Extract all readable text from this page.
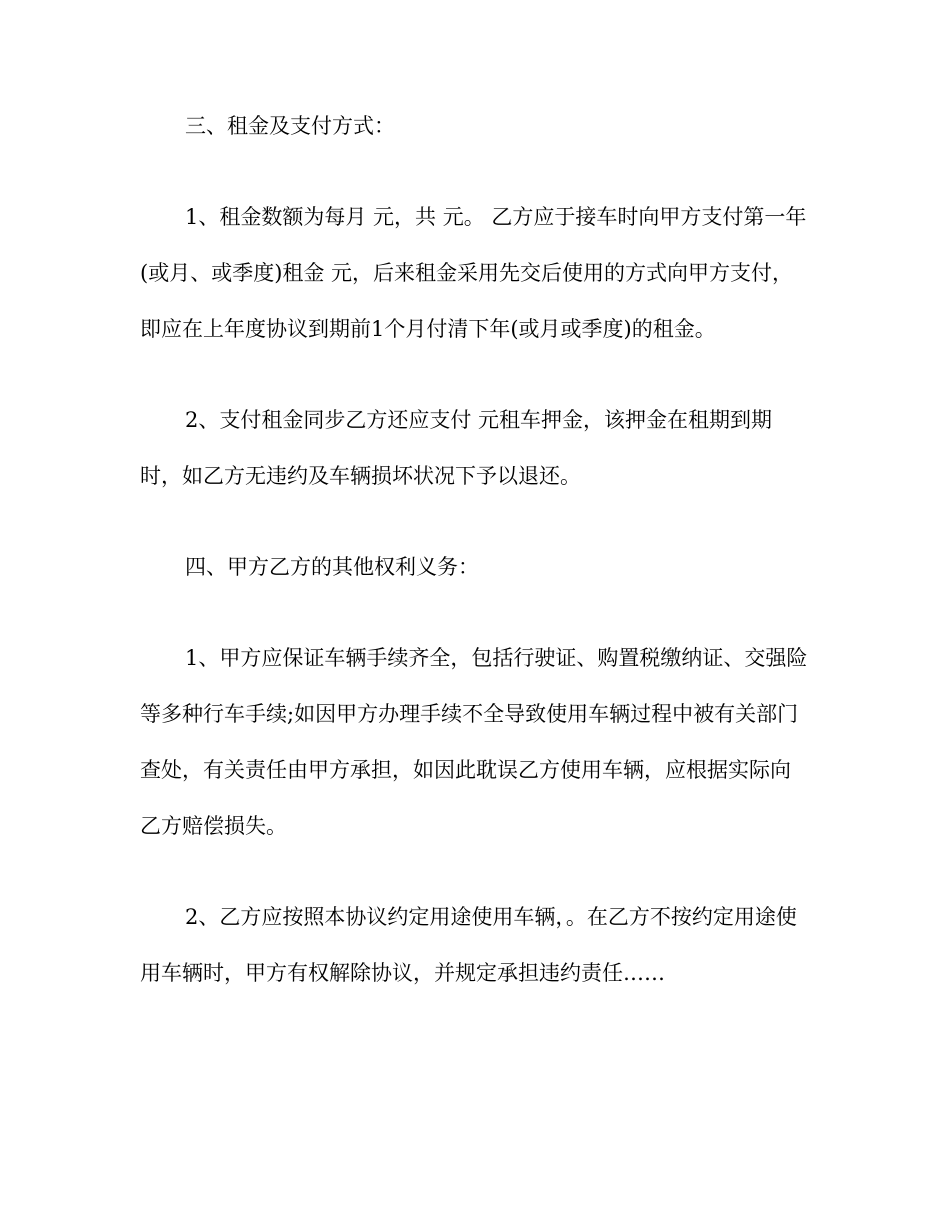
三、租金及支付方式：

1、租金数额为每月 元，共 元。 乙方应于接车时向甲方支付第一年(或月、或季度)租金 元，后来租金采用先交后使用的方式向甲方支付，即应在上年度协议到期前1个月付清下年(或月或季度)的租金。

2、支付租金同步乙方还应支付 元租车押金，该押金在租期到期时，如乙方无违约及车辆损坏状况下予以退还。

四、甲方乙方的其他权利义务：

1、甲方应保证车辆手续齐全，包括行驶证、购置税缴纳证、交强险等多种行车手续;如因甲方办理手续不全导致使用车辆过程中被有关部门查处，有关责任由甲方承担，如因此耽误乙方使用车辆，应根据实际向乙方赔偿损失。

2、乙方应按照本协议约定用途使用车辆，。在乙方不按约定用途使用车辆时，甲方有权解除协议，并规定承担违约责任……
